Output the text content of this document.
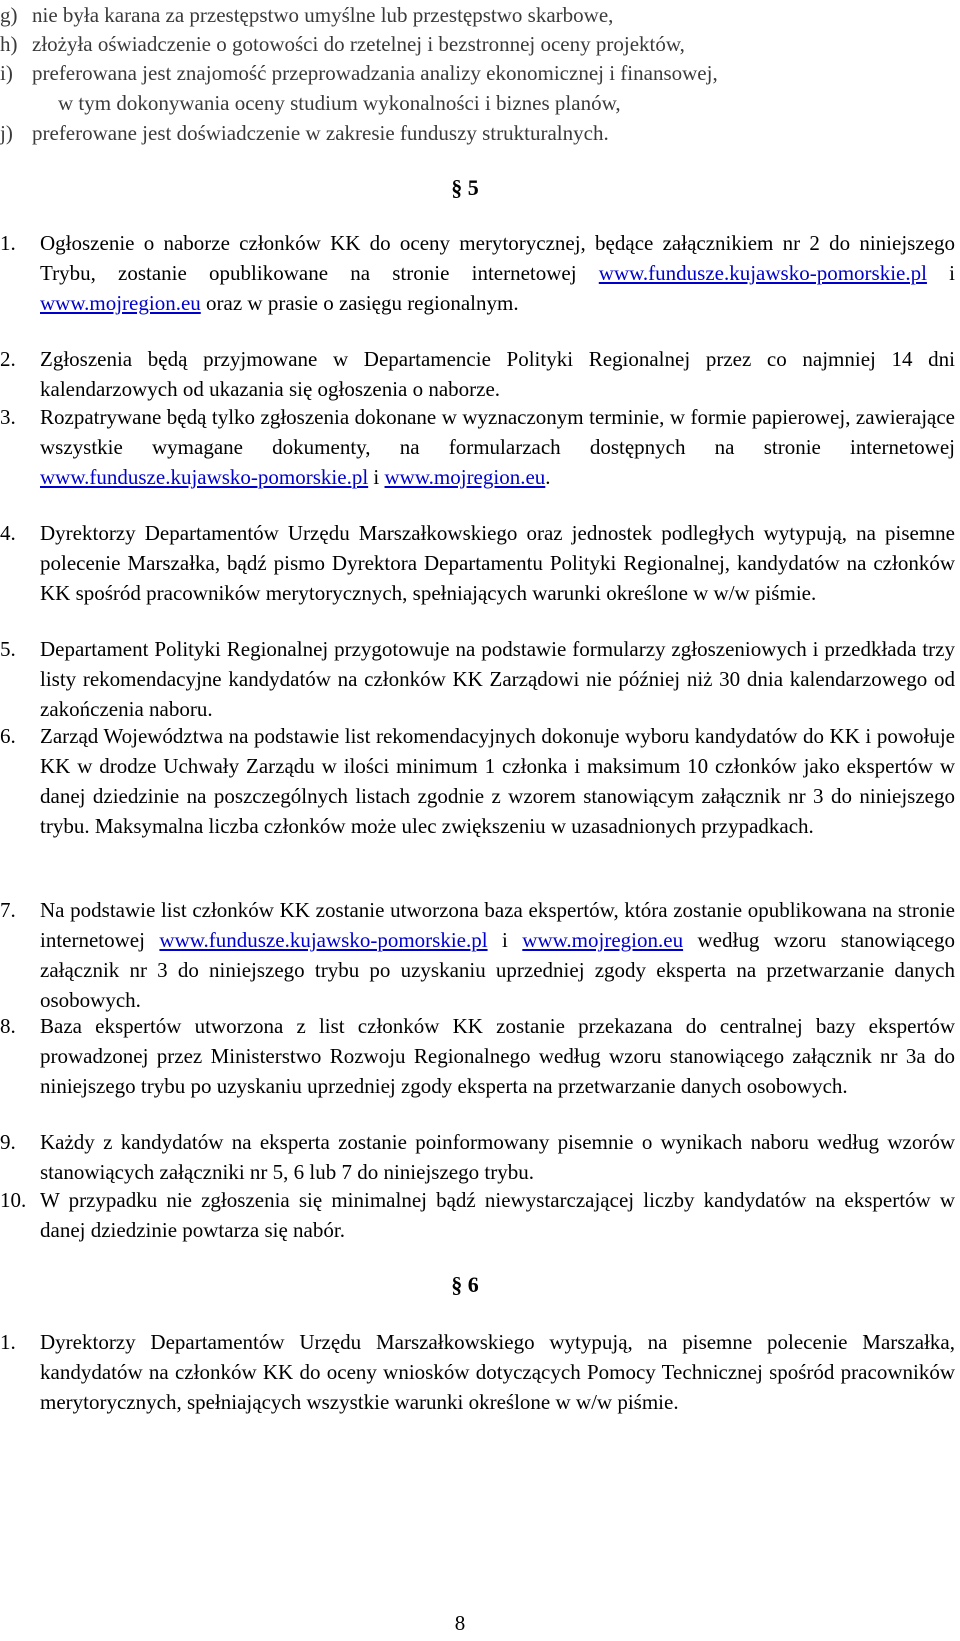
g) nie była karana za przestępstwo umyślne lub przestępstwo skarbowe,
h) złożyła oświadczenie o gotowości do rzetelnej i bezstronnej oceny projektów,
i) preferowana jest znajomość przeprowadzania analizy ekonomicznej i finansowej,
w tym dokonywania oceny studium wykonalności i biznes planów,
j) preferowane jest doświadczenie w zakresie funduszy strukturalnych.
§ 5
1.	Ogłoszenie o naborze członków KK do oceny merytorycznej, będące załącznikiem nr 2 do niniejszego Trybu, zostanie opublikowane na stronie internetowej www.fundusze.kujawsko-pomorskie.pl i www.mojregion.eu oraz w prasie o zasięgu regionalnym.
2.	Zgłoszenia będą przyjmowane w Departamencie Polityki Regionalnej przez co najmniej 14 dni kalendarzowych od ukazania się ogłoszenia o naborze.
3.	Rozpatrywane będą tylko zgłoszenia dokonane w wyznaczonym terminie, w formie papierowej, zawierające wszystkie wymagane dokumenty, na formularzach dostępnych na stronie internetowej www.fundusze.kujawsko-pomorskie.pl i www.mojregion.eu.
4.	Dyrektorzy Departamentów Urzędu Marszałkowskiego oraz jednostek podległych wytypują, na pisemne polecenie Marszałka, bądź pismo Dyrektora Departamentu Polityki Regionalnej, kandydatów na członków KK spośród pracowników merytorycznych, spełniających warunki określone w w/w piśmie.
5.	Departament Polityki Regionalnej przygotowuje na podstawie formularzy zgłoszeniowych i przedkłada trzy listy rekomendacyjne kandydatów na członków KK Zarządowi nie później niż 30 dnia kalendarzowego od zakończenia naboru.
6.	Zarząd Województwa na podstawie list rekomendacyjnych dokonuje wyboru kandydatów do KK i powołuje KK w drodze Uchwały Zarządu w ilości minimum 1 członka i maksimum 10 członków jako ekspertów w danej dziedzinie na poszczególnych listach zgodnie z wzorem stanowiącym załącznik nr 3 do niniejszego trybu. Maksymalna liczba członków może ulec zwiększeniu w uzasadnionych przypadkach.
7.	Na podstawie list członków KK zostanie utworzona baza ekspertów, która zostanie opublikowana na stronie internetowej www.fundusze.kujawsko-pomorskie.pl i www.mojregion.eu według wzoru stanowiącego załącznik nr 3 do niniejszego trybu po uzyskaniu uprzedniej zgody eksperta na przetwarzanie danych osobowych.
8.	Baza ekspertów utworzona z list członków KK zostanie przekazana do centralnej bazy ekspertów prowadzonej przez Ministerstwo Rozwoju Regionalnego według wzoru stanowiącego załącznik nr 3a do niniejszego trybu po uzyskaniu uprzedniej zgody eksperta na przetwarzanie danych osobowych.
9.	Każdy z kandydatów na eksperta zostanie poinformowany pisemnie o wynikach naboru według wzorów stanowiących załączniki nr 5, 6 lub 7 do niniejszego trybu.
10. W przypadku nie zgłoszenia się minimalnej bądź niewystarczającej liczby kandydatów na ekspertów w danej dziedzinie powtarza się nabór.
§ 6
1.	Dyrektorzy Departamentów Urzędu Marszałkowskiego wytypują, na pisemne polecenie Marszałka, kandydatów na członków KK do oceny wniosków dotyczących Pomocy Technicznej spośród pracowników merytorycznych, spełniających wszystkie warunki określone w w/w piśmie.
8
